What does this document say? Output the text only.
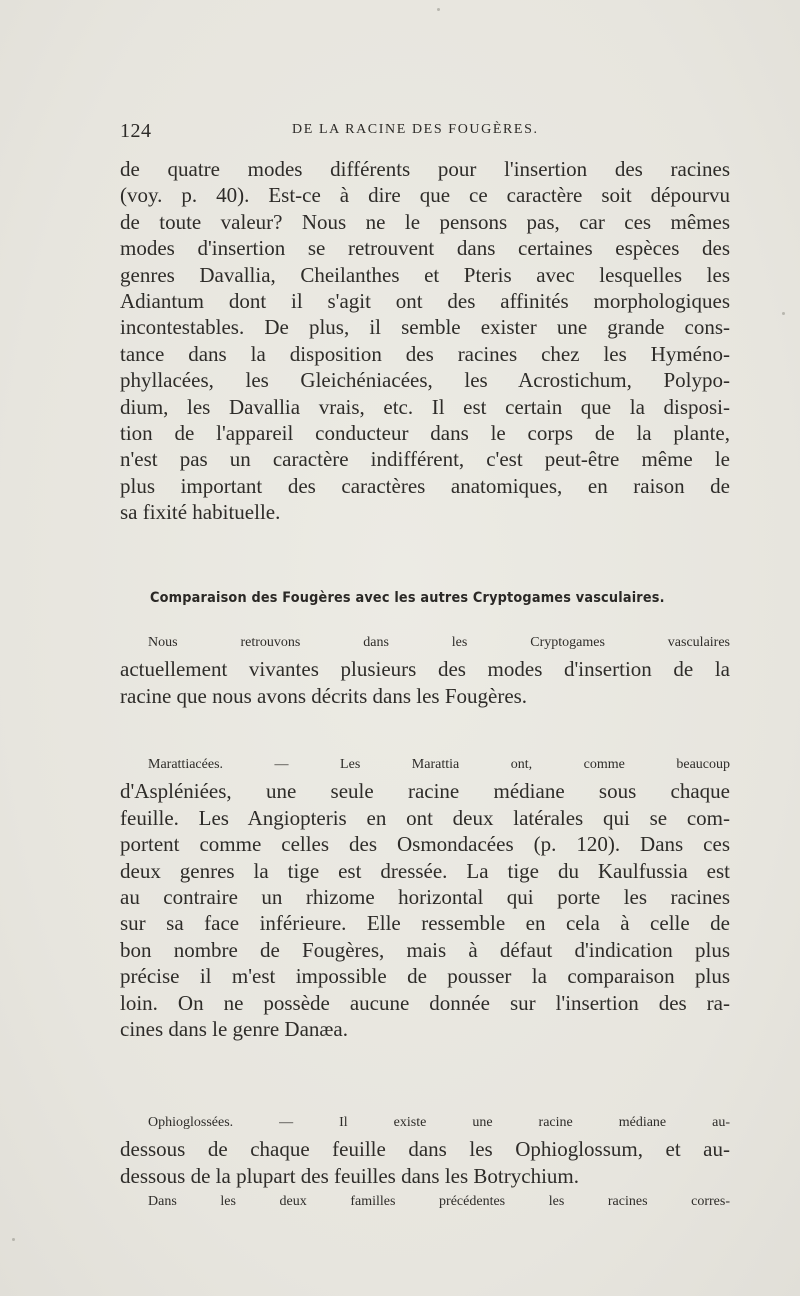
124	DE LA RACINE DES FOUGÈRES.

de quatre modes différents pour l'insertion des racines
(voy. p. 40). Est-ce à dire que ce caractère soit dépourvu
de toute valeur? Nous ne le pensons pas, car ces mêmes
modes d'insertion se retrouvent dans certaines espèces des
genres Davallia, Cheilanthes et Pteris avec lesquelles les
Adiantum dont il s'agit ont des affinités morphologiques
incontestables. De plus, il semble exister une grande cons-
tance dans la disposition des racines chez les Hyméno-
phyllacées, les Gleichéniacées, les Acrostichum, Polypo-
dium, les Davallia vrais, etc. Il est certain que la disposi-
tion de l'appareil conducteur dans le corps de la plante,
n'est pas un caractère indifférent, c'est peut-être même le
plus important des caractères anatomiques, en raison de
sa fixité habituelle.

Comparaison des Fougères avec les autres Cryptogames vasculaires.

Nous retrouvons dans les Cryptogames vasculaires
actuellement vivantes plusieurs des modes d'insertion de la
racine que nous avons décrits dans les Fougères.

Marattiacées. — Les Marattia ont, comme beaucoup
d'Aspléniées, une seule racine médiane sous chaque
feuille. Les Angiopteris en ont deux latérales qui se com-
portent comme celles des Osmondacées (p. 120). Dans ces
deux genres la tige est dressée. La tige du Kaulfussia est
au contraire un rhizome horizontal qui porte les racines
sur sa face inférieure. Elle ressemble en cela à celle de
bon nombre de Fougères, mais à défaut d'indication plus
précise il m'est impossible de pousser la comparaison plus
loin. On ne possède aucune donnée sur l'insertion des ra-
cines dans le genre Danæa.

Ophioglossées. — Il existe une racine médiane au-
dessous de chaque feuille dans les Ophioglossum, et au-
dessous de la plupart des feuilles dans les Botrychium.
Dans les deux familles précédentes les racines corres-
